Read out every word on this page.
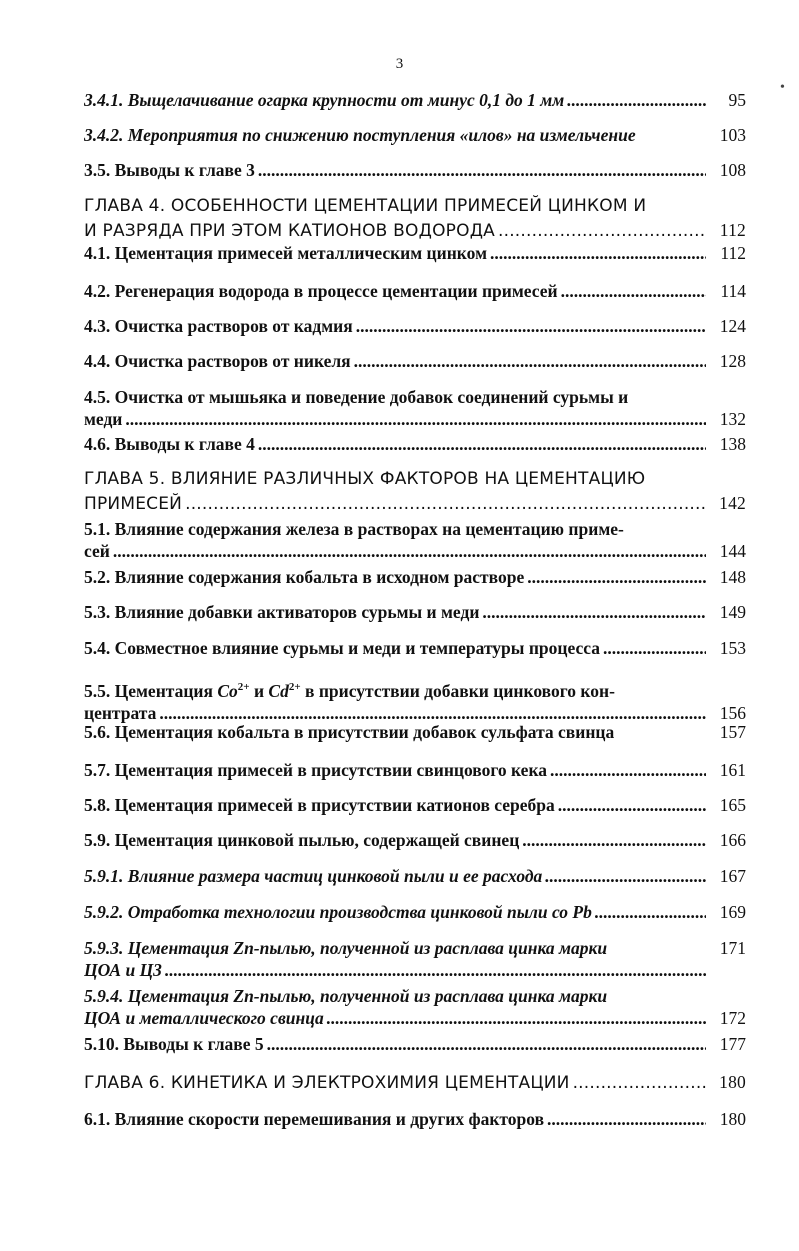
3
•
3.4.1. Выщелачивание огарка крупности от минус 0,1 до 1 мм .....	95
3.4.2. Мероприятия по снижению поступления «илов» на измельчение	103
3.5. Выводы к главе 3 .....	108
ГЛАВА 4. ОСОБЕННОСТИ ЦЕМЕНТАЦИИ ПРИМЕСЕЙ ЦИНКОМ И
И РАЗРЯДА ПРИ ЭТОМ КАТИОНОВ ВОДОРОДА .....	112
4.1. Цементация примесей металлическим цинком .....	112
4.2. Регенерация водорода в процессе цементации примесей .....	114
4.3. Очистка растворов от кадмия .....	124
4.4. Очистка растворов от никеля .....	128
4.5. Очистка от мышьяка и поведение добавок соединений сурьмы и
меди .....	132
4.6. Выводы к главе 4 .....	138
ГЛАВА 5. ВЛИЯНИЕ РАЗЛИЧНЫХ ФАКТОРОВ НА ЦЕМЕНТАЦИЮ
ПРИМЕСЕЙ .....	142
5.1. Влияние содержания железа в растворах на цементацию приме-
сей .....	144
5.2. Влияние содержания кобальта в исходном растворе .....	148
5.3. Влияние добавки активаторов сурьмы и меди .....	149
5.4. Совместное влияние сурьмы и меди и температуры процесса .....	153
5.5. Цементация $Co^{2+}$ и $Cd^{2+}$ в присутствии добавки цинкового кон-
центрата .....	156
5.6. Цементация кобальта в присутствии добавок сульфата свинца	157
5.7. Цементация примесей в присутствии свинцового кека .....	161
5.8. Цементация примесей в присутствии катионов серебра .....	165
5.9. Цементация цинковой пылью, содержащей свинец .....	166
5.9.1. Влияние размера частиц цинковой пыли и ее расхода .....	167
5.9.2. Отработка технологии производства цинковой пыли со Pb .....	169
5.9.3. Цементация Zn-пылью, полученной из расплава цинка марки	171
ЦОА и Ц3
.....
5.9.4. Цементация Zn-пылью, полученной из расплава цинка марки
ЦОА и металлического свинца .....	172
5.10. Выводы к главе 5 .....	177
ГЛАВА 6. КИНЕТИКА И ЭЛЕКТРОХИМИЯ ЦЕМЕНТАЦИИ .....	180
6.1. Влияние скорости перемешивания и других факторов .....	180
